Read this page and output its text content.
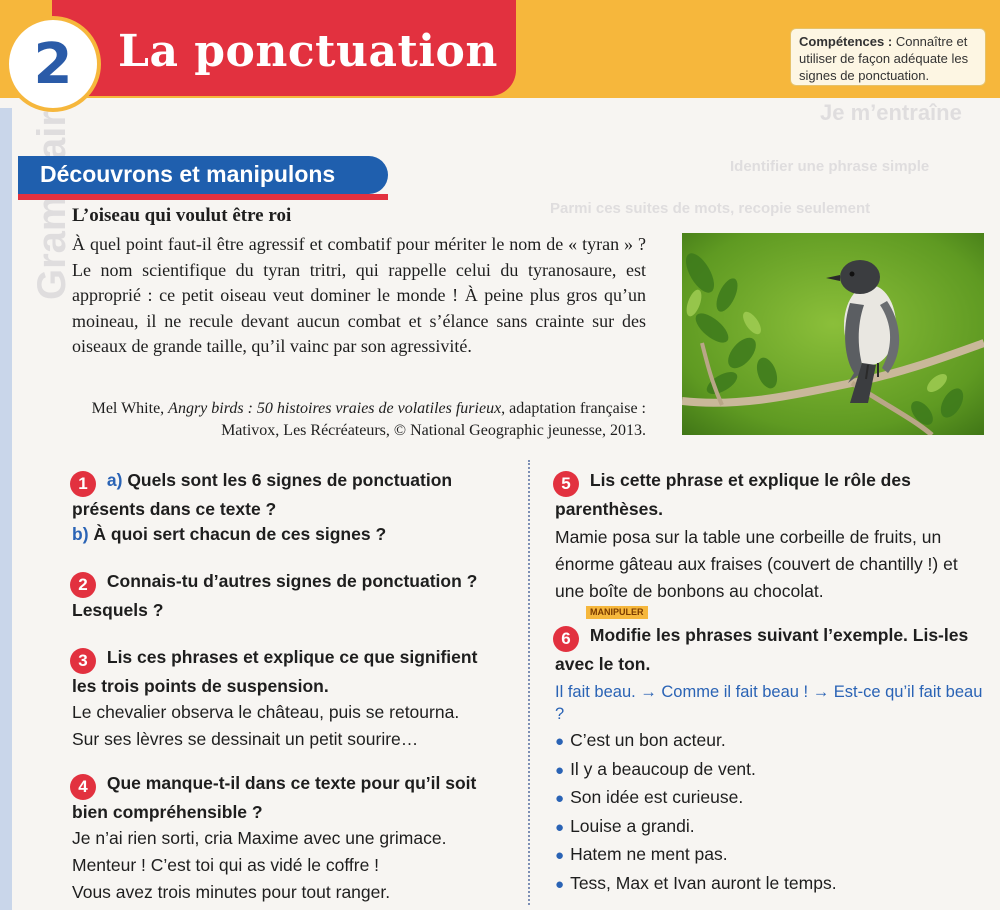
Je m’entraîne
Identifier une phrase simple
Parmi ces suites de mots, recopie seulement
2	La ponctuation	Compétences : Connaître et utiliser de façon adéquate les signes de ponctuation.
Découvrons et manipulons
L’oiseau qui voulut être roi

À quel point faut-il être agressif et combatif pour mériter le nom de « tyran » ? Le nom scientifique du tyran tritri, qui rappelle celui du tyranosaure, est approprié : ce petit oiseau veut dominer le monde ! À peine plus gros qu’un moineau, il ne recule devant aucun combat et s’élance sans crainte sur des oiseaux de grande taille, qu’il vainc par son agressivité.

Mel White, Angry birds : 50 histoires vraies de volatiles furieux, adaptation française : Mativox, Les Récréateurs, © National Geographic jeunesse, 2013.
1 a) Quels sont les 6 signes de ponctuation présents dans ce texte ?
b) À quoi sert chacun de ces signes ?
2 Connais-tu d’autres signes de ponctuation ? Lesquels ?
3 Lis ces phrases et explique ce que signifient les trois points de suspension.
Le chevalier observa le château, puis se retourna.
Sur ses lèvres se dessinait un petit sourire…
4 Que manque-t-il dans ce texte pour qu’il soit bien compréhensible ?
Je n’ai rien sorti, cria Maxime avec une grimace.
Menteur ! C’est toi qui as vidé le coffre !
Vous avez trois minutes pour tout ranger.
5 Lis cette phrase et explique le rôle des parenthèses.
Mamie posa sur la table une corbeille de fruits, un énorme gâteau aux fraises (couvert de chantilly !) et une boîte de bonbons au chocolat.
6 Modifie les phrases suivant l’exemple. Lis-les avec le ton.
Il fait beau. → Comme il fait beau ! → Est-ce qu’il fait beau ?
● C’est un bon acteur.
● Il y a beaucoup de vent.
● Son idée est curieuse.
● Louise a grandi.
● Hatem ne ment pas.
● Tess, Max et Ivan auront le temps.
MANIPULER
